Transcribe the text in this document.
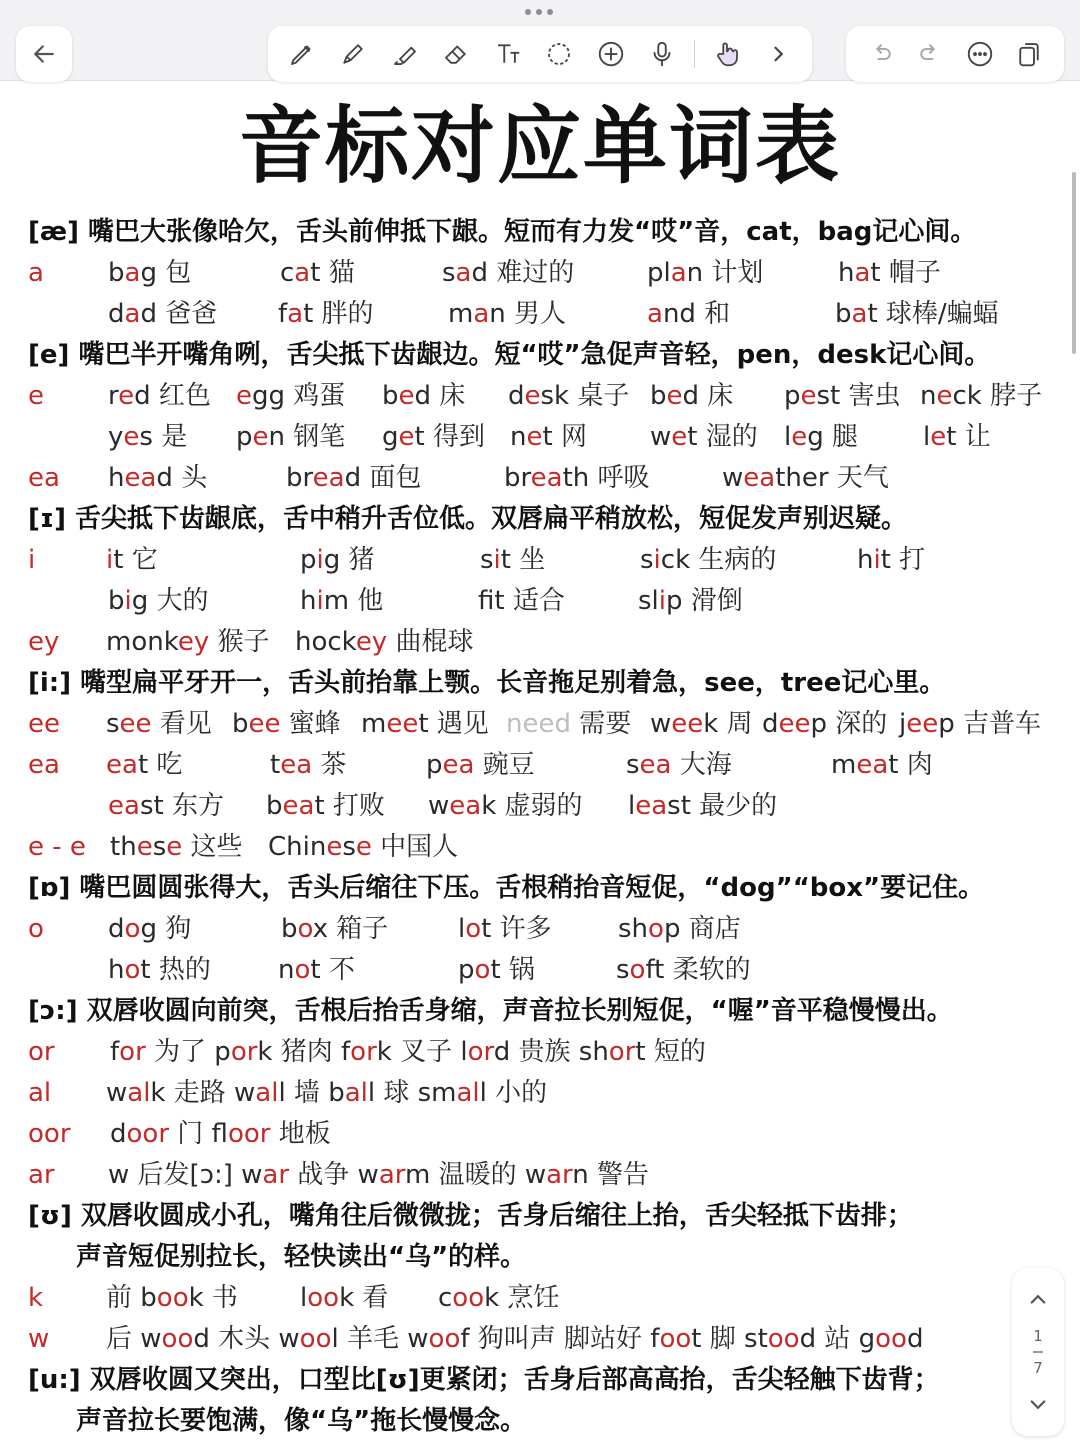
音标对应单词表
[æ] 嘴巴大张像哈欠，舌头前伸抵下龈。短而有力发“哎”音，cat，bag记心间。
a bag 包	cat 猫	sad 难过的	plan 计划	hat 帽子
dad 爸爸 fat 胖的	man 男人	and 和	bat 球棒/蝙蝠
[e] 嘴巴半开嘴角咧，舌尖抵下齿龈边。短“哎”急促声音轻，pen，desk记心间。
e red 红色 egg 鸡蛋 bed 床 desk 桌子 bed 床 pest 害虫 neck 脖子
yes 是 pen 钢笔 get 得到 net 网 wet 湿的 leg 腿 let 让
ea head 头	bread 面包	breath 呼吸	weather 天气
[ɪ] 舌尖抵下齿龈底，舌中稍升舌位低。双唇扁平稍放松，短促发声别迟疑。
i	it 它	pig 猪	sit 坐	sick 生病的	hit 打
big 大的	him 他	ft 适合	slip 滑倒
ey monkey 猴子 hockey 曲棍球
[i:] 嘴型扁平牙开一，舌头前抬靠上颚。长音拖足别着急，see，tree记心里。
ee see 看见 bee 蜜蜂 meet 遇见 need 需要 week 周 deep 深的 jeep 吉普车
ea eat 吃	tea 茶	pea 豌豆	sea 大海	meat 肉
east 东方 beat 打败 weak 虚弱的 least 最少的
e - e these 这些 Chinese 中国人
[ɒ] 嘴巴圆圆张得大，舌头后缩往下压。舌根稍抬音短促，“dog”“box”要记住。
o dog 狗	box 箱子	lot 许多	shop 商店
hot 热的	not 不	pot 锅	soft 柔软的
[ɔ:] 双唇收圆向前突，舌根后抬舌身缩，声音拉长别短促，“喔”音平稳慢慢出。
or for 为了 pork 猪肉 fork 叉子 lord 贵族 short 短的
al walk 走路 wall 墙 ball 球 small 小的
oor door 门 floor 地板
ar w 后发[ɔ:] war 战争 warm 温暖的 warn 警告
[ʊ] 双唇收圆成小孔，嘴角往后微微拢；舌身后缩往上抬，舌尖轻抵下齿排；
声音短促别拉长，轻快读出“乌”的样。
k 前 book 书 look 看 cook 烹饪
w 后 wood 木头 wool 羊毛 woof 狗叫声 脚站好 foot 脚 stood 站 good
[u:] 双唇收圆又突出，口型比[ʊ]更紧闭；舌身后部高高抬，舌尖轻触下齿背；
声音拉长要饱满，像“乌”拖长慢慢念。
1
7
